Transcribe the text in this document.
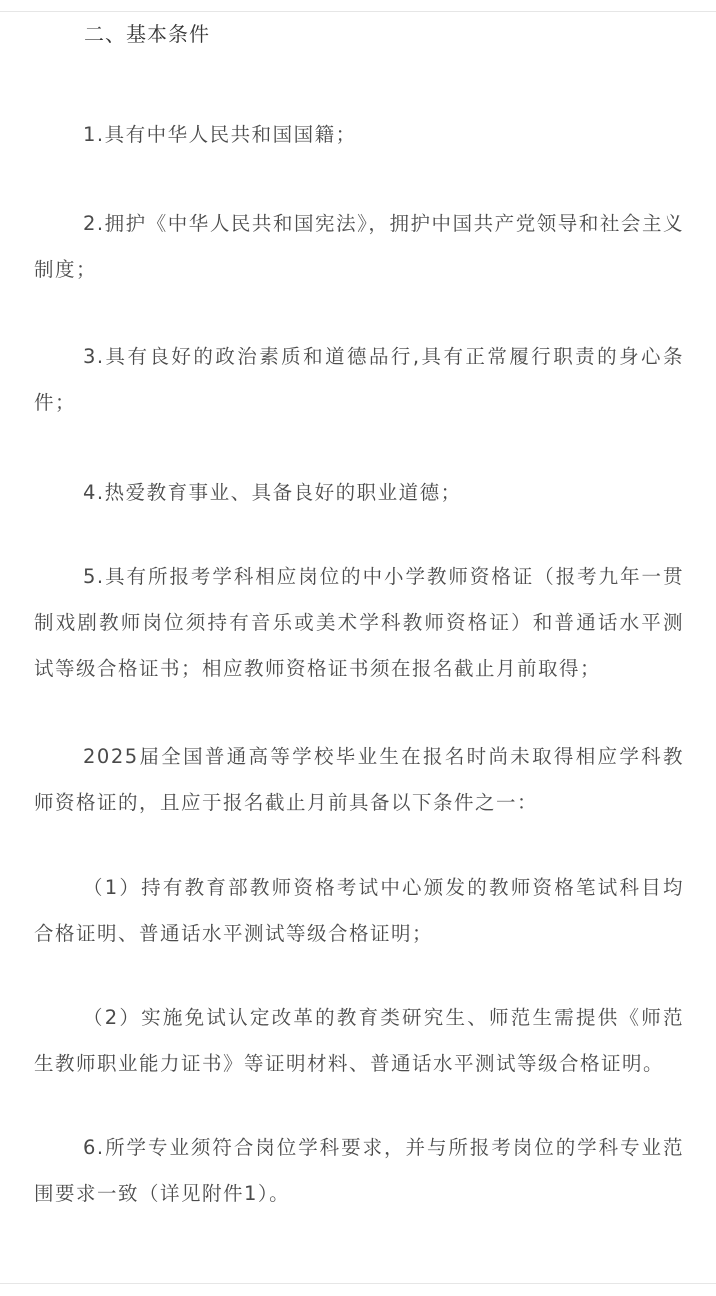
二、基本条件

1.具有中华人民共和国国籍；

2.拥护《中华人民共和国宪法》，拥护中国共产党领导和社会主义制度；

3.具有良好的政治素质和道德品行,具有正常履行职责的身心条件；

4.热爱教育事业、具备良好的职业道德；

5.具有所报考学科相应岗位的中小学教师资格证（报考九年一贯制戏剧教师岗位须持有音乐或美术学科教师资格证）和普通话水平测试等级合格证书；相应教师资格证书须在报名截止月前取得；

2025届全国普通高等学校毕业生在报名时尚未取得相应学科教师资格证的，且应于报名截止月前具备以下条件之一：

（1）持有教育部教师资格考试中心颁发的教师资格笔试科目均合格证明、普通话水平测试等级合格证明；

（2）实施免试认定改革的教育类研究生、师范生需提供《师范生教师职业能力证书》等证明材料、普通话水平测试等级合格证明。

6.所学专业须符合岗位学科要求，并与所报考岗位的学科专业范围要求一致（详见附件1）。
